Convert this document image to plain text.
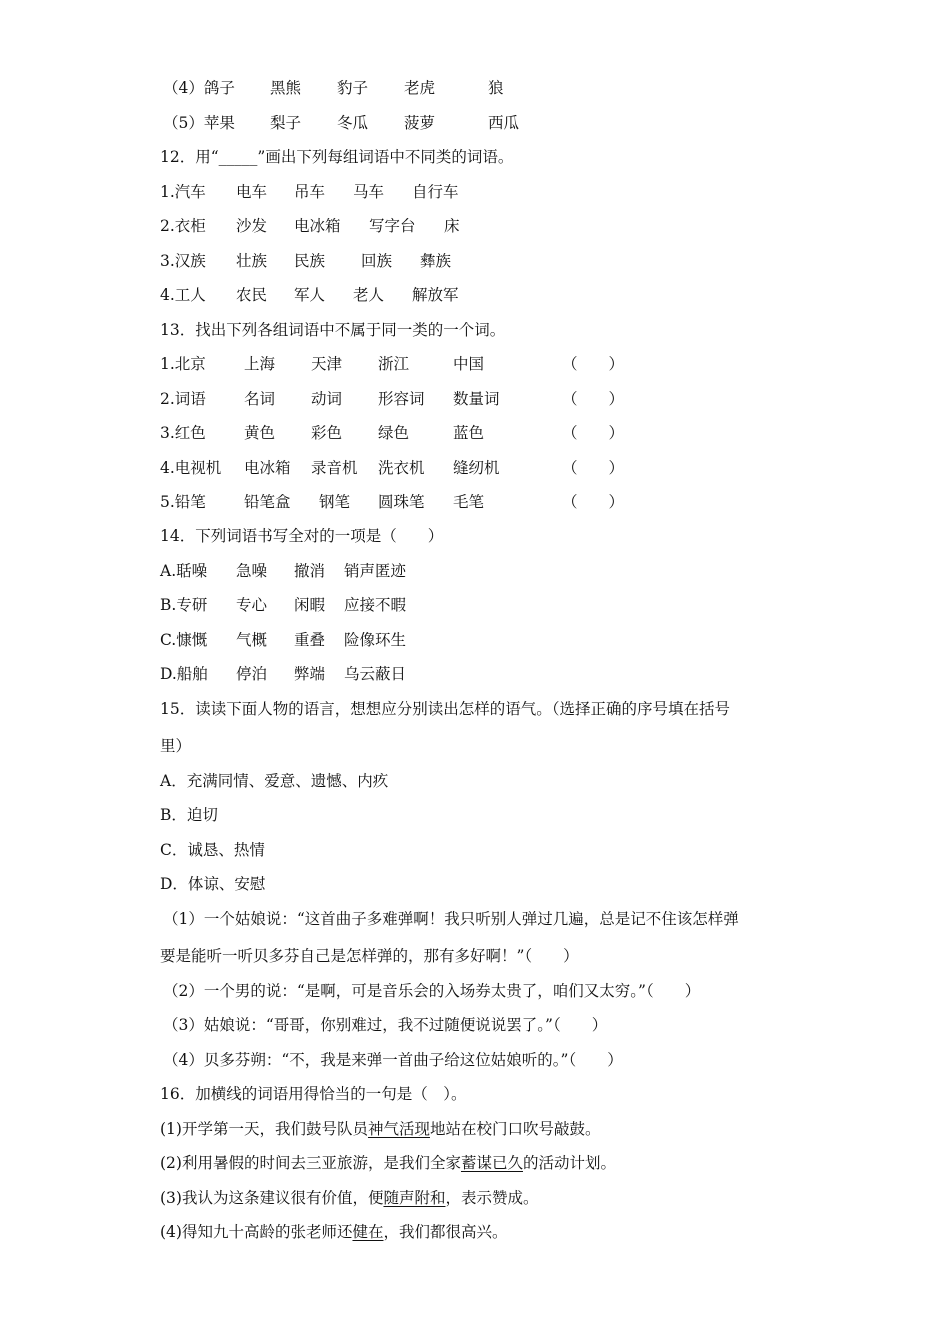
（4）鸽子 黑熊 豹子 老虎	狼
（5）苹果 梨子 冬瓜 菠萝	西瓜
12．用“_____”画出下列每组词语中不同类的词语。
1.汽车 电车 吊车 马车 自行车
2.衣柜 沙发 电冰箱 写字台 床
3.汉族 壮族 民族 回族 彝族
4.工人 农民 军人 老人 解放军
13．找出下列各组词语中不属于同一类的一个词。
1.北京 上海 天津 浙江	中国	（　　）
2.词语 名词 动词 形容词 数量词	（　　）
3.红色 黄色 彩色 绿色	蓝色	（　　）
4.电视机 电冰箱 录音机 洗衣机 缝纫机	（　　）
5.铅笔 铅笔盒 钢笔 圆珠笔 毛笔	（　　）
14．下列词语书写全对的一项是（　　）
A.聒噪 急噪 撤消 销声匿迹
B.专研 专心 闲暇 应接不暇
C.慷慨 气概 重叠 险像环生
D.船舶 停泊 弊端 乌云蔽日
15．读读下面人物的语言，想想应分别读出怎样的语气。（选择正确的序号填在括号
里）
A．充满同情、爱意、遗憾、内疚
B．迫切
C．诚恳、热情
D．体谅、安慰
（1）一个姑娘说：“这首曲子多难弹啊！我只听别人弹过几遍，总是记不住该怎样弹
要是能听一听贝多芬自己是怎样弹的，那有多好啊！”（　　）
（2）一个男的说：“是啊，可是音乐会的入场券太贵了，咱们又太穷。”（　　）
（3）姑娘说：“哥哥，你别难过，我不过随便说说罢了。”（　　）
（4）贝多芬朔：“不，我是来弹一首曲子给这位姑娘听的。”（　　）
16．加横线的词语用得恰当的一句是（　）。
(1)开学第一天，我们鼓号队员神气活现地站在校门口吹号敲鼓。
(2)利用暑假的时间去三亚旅游，是我们全家蓄谋已久的活动计划。
(3)我认为这条建议很有价值，便随声附和，表示赞成。
(4)得知九十高龄的张老师还健在，我们都很高兴。
